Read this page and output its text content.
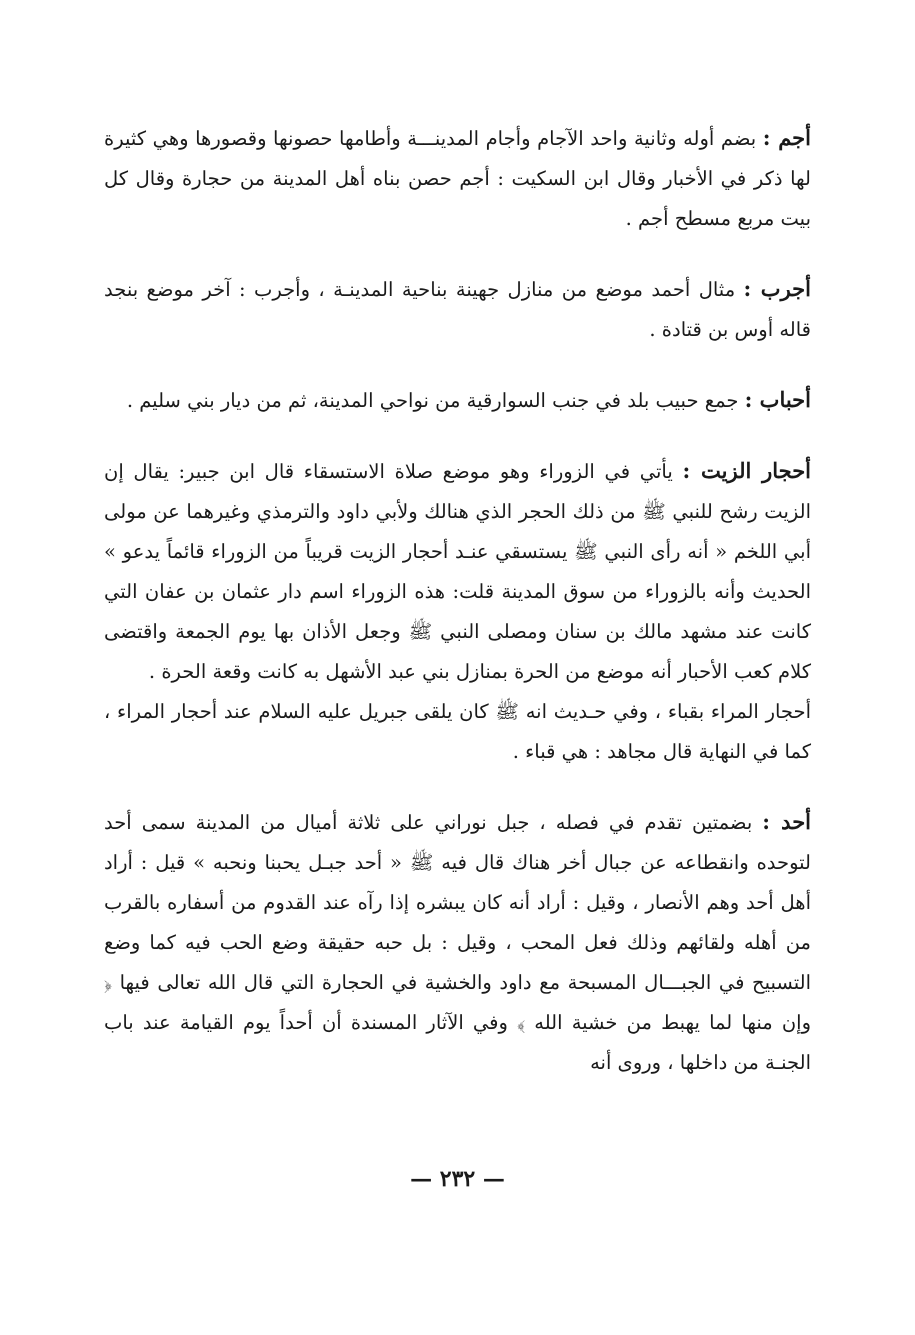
أجم : بضم أوله وثانية واحد الآجام وأجام المدينـــة وأطامها حصونها وقصورها وهي كثيرة لها ذكر في الأخبار وقال ابن السكيت : أجم حصن بناه أهل المدينة من حجارة وقال كل بيت مربع مسطح أجم .

أجرب : مثال أحمد موضع من منازل جهينة بناحية المدينـة ، وأجرب : آخر موضع بنجد قاله أوس بن قتادة .

أحباب : جمع حبيب بلد في جنب السوارقية من نواحي المدينة، ثم من ديار بني سليم .

أحجار الزيت : يأتي في الزوراء وهو موضع صلاة الاستسقاء قال ابن جبير: يقال إن الزيت رشح للنبي ﷺ من ذلك الحجر الذي هنالك ولأبي داود والترمذي وغيرهما عن مولى أبي اللخم « أنه رأى النبي ﷺ يستسقي عنـد أحجار الزيت قريباً من الزوراء قائماً يدعو » الحديث وأنه بالزوراء من سوق المدينة قلت: هذه الزوراء اسم دار عثمان بن عفان التي كانت عند مشهد مالك بن سنان ومصلى النبي ﷺ وجعل الأذان بها يوم الجمعة واقتضى كلام كعب الأحبار أنه موضع من الحرة بمنازل بني عبد الأشهل به كانت وقعة الحرة .

أحجار المراء بقباء ، وفي حـديث انه ﷺ كان يلقى جبريل عليه السلام عند أحجار المراء ، كما في النهاية قال مجاهد : هي قباء .

أحد : بضمتين تقدم في فصله ، جبل نوراني على ثلاثة أميال من المدينة سمى أحد لتوحده وانقطاعه عن جبال أخر هناك قال فيه ﷺ « أحد جبـل يحبنا ونحبه » قيل : أراد أهل أحد وهم الأنصار ، وقيل : أراد أنه كان يبشره إذا رآه عند القدوم من أسفاره بالقرب من أهله ولقائهم وذلك فعل المحب ، وقيل : بل حبه حقيقة وضع الحب فيه كما وضع التسبيح في الجبـــال المسبحة مع داود والخشية في الحجارة التي قال الله تعالى فيها ﴿ وإن منها لما يهبط من خشية الله ﴾ وفي الآثار المسندة أن أحداً يوم القيامة عند باب الجنـة من داخلها ، وروى أنه

— ٢٣٢ —
